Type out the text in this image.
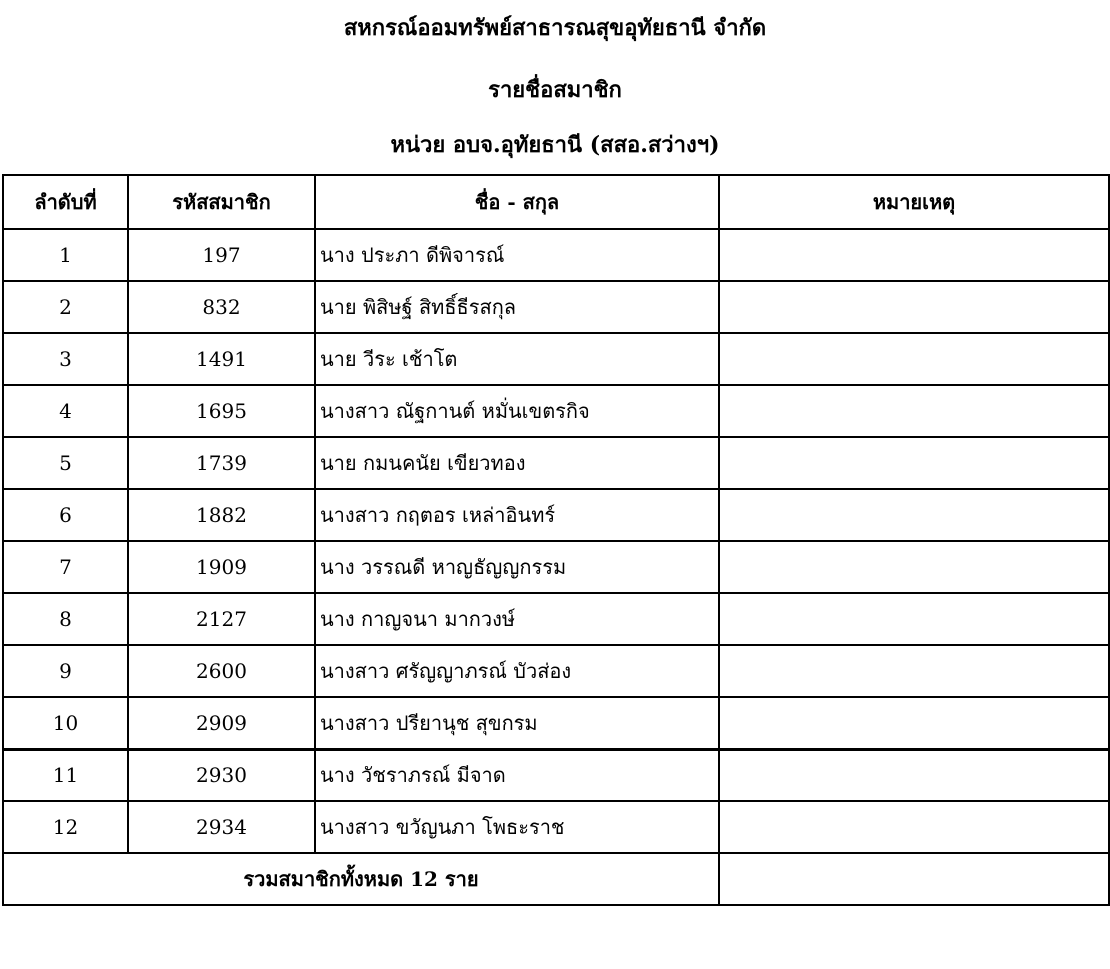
สหกรณ์ออมทรัพย์สาธารณสุขอุทัยธานี จำกัด
รายชื่อสมาชิก
หน่วย อบจ.อุทัยธานี (สสอ.สว่างฯ)
ลำดับที่	รหัสสมาชิก	ชื่อ - สกุล	หมายเหตุ
1	197	นาง ประภา ดีพิจารณ์	
2	832	นาย พิสิษฐ์ สิทธิ์ธีรสกุล	
3	1491	นาย วีระ เช้าโต	
4	1695	นางสาว ณัฐกานต์ หมั่นเขตรกิจ	
5	1739	นาย กมนคนัย เขียวทอง	
6	1882	นางสาว กฤตอร เหล่าอินทร์	
7	1909	นาง วรรณดี หาญธัญญกรรม	
8	2127	นาง กาญจนา มากวงษ์	
9	2600	นางสาว ศรัญญาภรณ์ บัวส่อง	
10	2909	นางสาว ปรียานุช สุขกรม	
11	2930	นาง วัชราภรณ์ มีจาด	
12	2934	นางสาว ขวัญนภา โพธะราช	
รวมสมาชิกทั้งหมด 12 ราย			
